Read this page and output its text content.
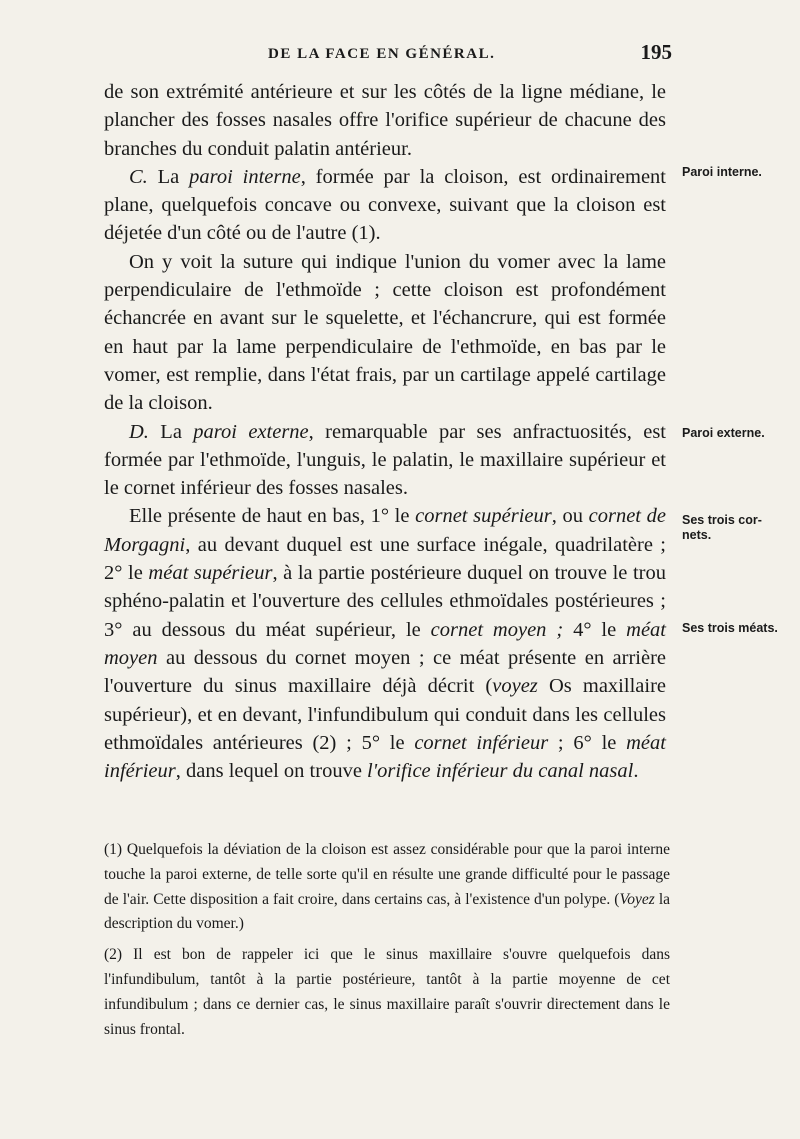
DE LA FACE EN GÉNÉRAL.	195

de son extrémité antérieure et sur les côtés de la ligne médiane, le plancher des fosses nasales offre l'orifice supérieur de chacune des branches du conduit palatin antérieur.

C. La paroi interne, formée par la cloison, est ordinairement plane, quelquefois concave ou convexe, suivant que la cloison est déjetée d'un côté ou de l'autre (1).

On y voit la suture qui indique l'union du vomer avec la lame perpendiculaire de l'ethmoïde ; cette cloison est profondément échancrée en avant sur le squelette, et l'échancrure, qui est formée en haut par la lame perpendiculaire de l'ethmoïde, en bas par le vomer, est remplie, dans l'état frais, par un cartilage appelé cartilage de la cloison.

D. La paroi externe, remarquable par ses anfractuosités, est formée par l'ethmoïde, l'unguis, le palatin, le maxillaire supérieur et le cornet inférieur des fosses nasales.

Elle présente de haut en bas, 1° le cornet supérieur, ou cornet de Morgagni, au devant duquel est une surface inégale, quadrilatère ; 2° le méat supérieur, à la partie postérieure duquel on trouve le trou sphéno-palatin et l'ouverture des cellules ethmoïdales postérieures ; 3° au dessous du méat supérieur, le cornet moyen ; 4° le méat moyen au dessous du cornet moyen ; ce méat présente en arrière l'ouverture du sinus maxillaire déjà décrit (voyez Os maxillaire supérieur), et en devant, l'infundibulum qui conduit dans les cellules ethmoïdales antérieures (2) ; 5° le cornet inférieur ; 6° le méat inférieur, dans lequel on trouve l'orifice inférieur du canal nasal.

(1) Quelquefois la déviation de la cloison est assez considérable pour que la paroi interne touche la paroi externe, de telle sorte qu'il en résulte une grande difficulté pour le passage de l'air. Cette disposition a fait croire, dans certains cas, à l'existence d'un polype. (Voyez la description du vomer.)

(2) Il est bon de rappeler ici que le sinus maxillaire s'ouvre quelquefois dans l'infundibulum, tantôt à la partie postérieure, tantôt à la partie moyenne de cet infundibulum ; dans ce dernier cas, le sinus maxillaire paraît s'ouvrir directement dans le sinus frontal.

Paroi interne.
Paroi externe.
Ses trois cor-nets.
Ses trois méats.
